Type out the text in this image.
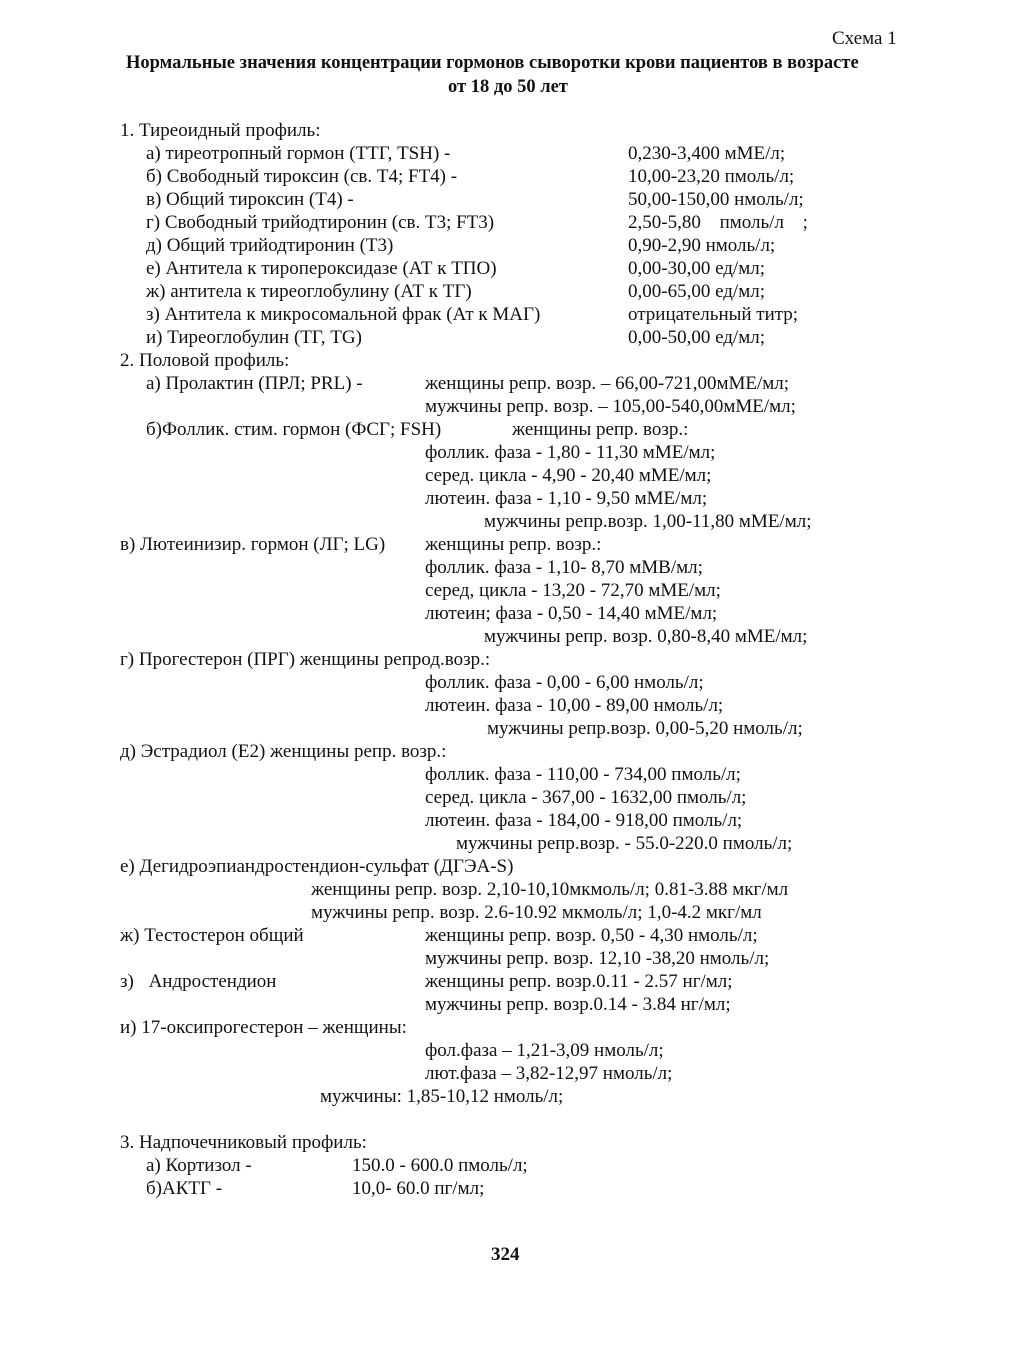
Схема 1
Нормальные значения концентрации гормонов сыворотки крови пациентов в возрасте
от 18 до 50 лет
1. Тиреоидный профиль:
а) тиреотропный гормон (ТТГ, TSH) -	0,230-3,400 мМЕ/л;
б) Свободный тироксин (св. Т4; FT4) -	10,00-23,20 пмоль/л;
в) Общий тироксин (Т4) -	50,00-150,00 нмоль/л;
г) Свободный трийодтиронин (св. Т3; FT3)	2,50-5,80 пмоль/л ;
д) Общий трийодтиронин (Т3)	0,90-2,90 нмоль/л;
е) Антитела к тиропероксидазе (АТ к ТПО)	0,00-30,00 ед/мл;
ж) антитела к тиреоглобулину (АТ к ТГ)	0,00-65,00 ед/мл;
з) Антитела к микросомальной фрак (Ат к МАГ)	отрицательный титр;
и) Тиреоглобулин (ТГ, TG)	0,00-50,00 ед/мл;
2. Половой профиль:
а) Пролактин (ПРЛ; PRL) -	женщины репр. возр. – 66,00-721,00мМЕ/мл;
мужчины репр. возр. – 105,00-540,00мМЕ/мл;
б)Фоллик. стим. гормон (ФСГ; FSH)	женщины репр. возр.:
фоллик. фаза - 1,80 - 11,30 мМЕ/мл;
серед. цикла - 4,90 - 20,40 мМЕ/мл;
лютеин. фаза - 1,10 - 9,50 мМЕ/мл;
мужчины репр.возр. 1,00-11,80 мМЕ/мл;
в) Лютеинизир. гормон (ЛГ; LG) женщины репр. возр.:
фоллик. фаза - 1,10- 8,70 мМВ/мл;
серед, цикла - 13,20 - 72,70 мМЕ/мл;
лютеин; фаза - 0,50 - 14,40 мМЕ/мл;
мужчины репр. возр. 0,80-8,40 мМЕ/мл;
г) Прогестерон (ПРГ) женщины репрод.возр.:
фоллик. фаза - 0,00 - 6,00 нмоль/л;
лютеин. фаза - 10,00 - 89,00 нмоль/л;
мужчины репр.возр. 0,00-5,20 нмоль/л;
д) Эстрадиол (Е2) женщины репр. возр.:
фоллик. фаза - 110,00 - 734,00 пмоль/л;
серед. цикла - 367,00 - 1632,00 пмоль/л;
лютеин. фаза - 184,00 - 918,00 пмоль/л;
мужчины репр.возр. - 55.0-220.0 пмоль/л;
е) Дегидроэпиандростендион-сульфат (ДГЭА-S)
женщины репр. возр. 2,10-10,10мкмоль/л; 0.81-3.88 мкг/мл
мужчины репр. возр. 2.6-10.92 мкмоль/л; 1,0-4.2 мкг/мл
ж) Тестостерон общий	женщины репр. возр. 0,50 - 4,30 нмоль/л;
мужчины репр. возр. 12,10 -38,20 нмоль/л;
з) Андростендион	женщины репр. возр.0.11 - 2.57 нг/мл;
мужчины репр. возр.0.14 - 3.84 нг/мл;
и) 17-оксипрогестерон – женщины:
фол.фаза – 1,21-3,09 нмоль/л;
лют.фаза – 3,82-12,97 нмоль/л;
мужчины: 1,85-10,12 нмоль/л;
3. Надпочечниковый профиль:
а) Кортизол -	150.0 - 600.0 пмоль/л;
б)АКТГ -	10,0- 60.0 пг/мл;
324
